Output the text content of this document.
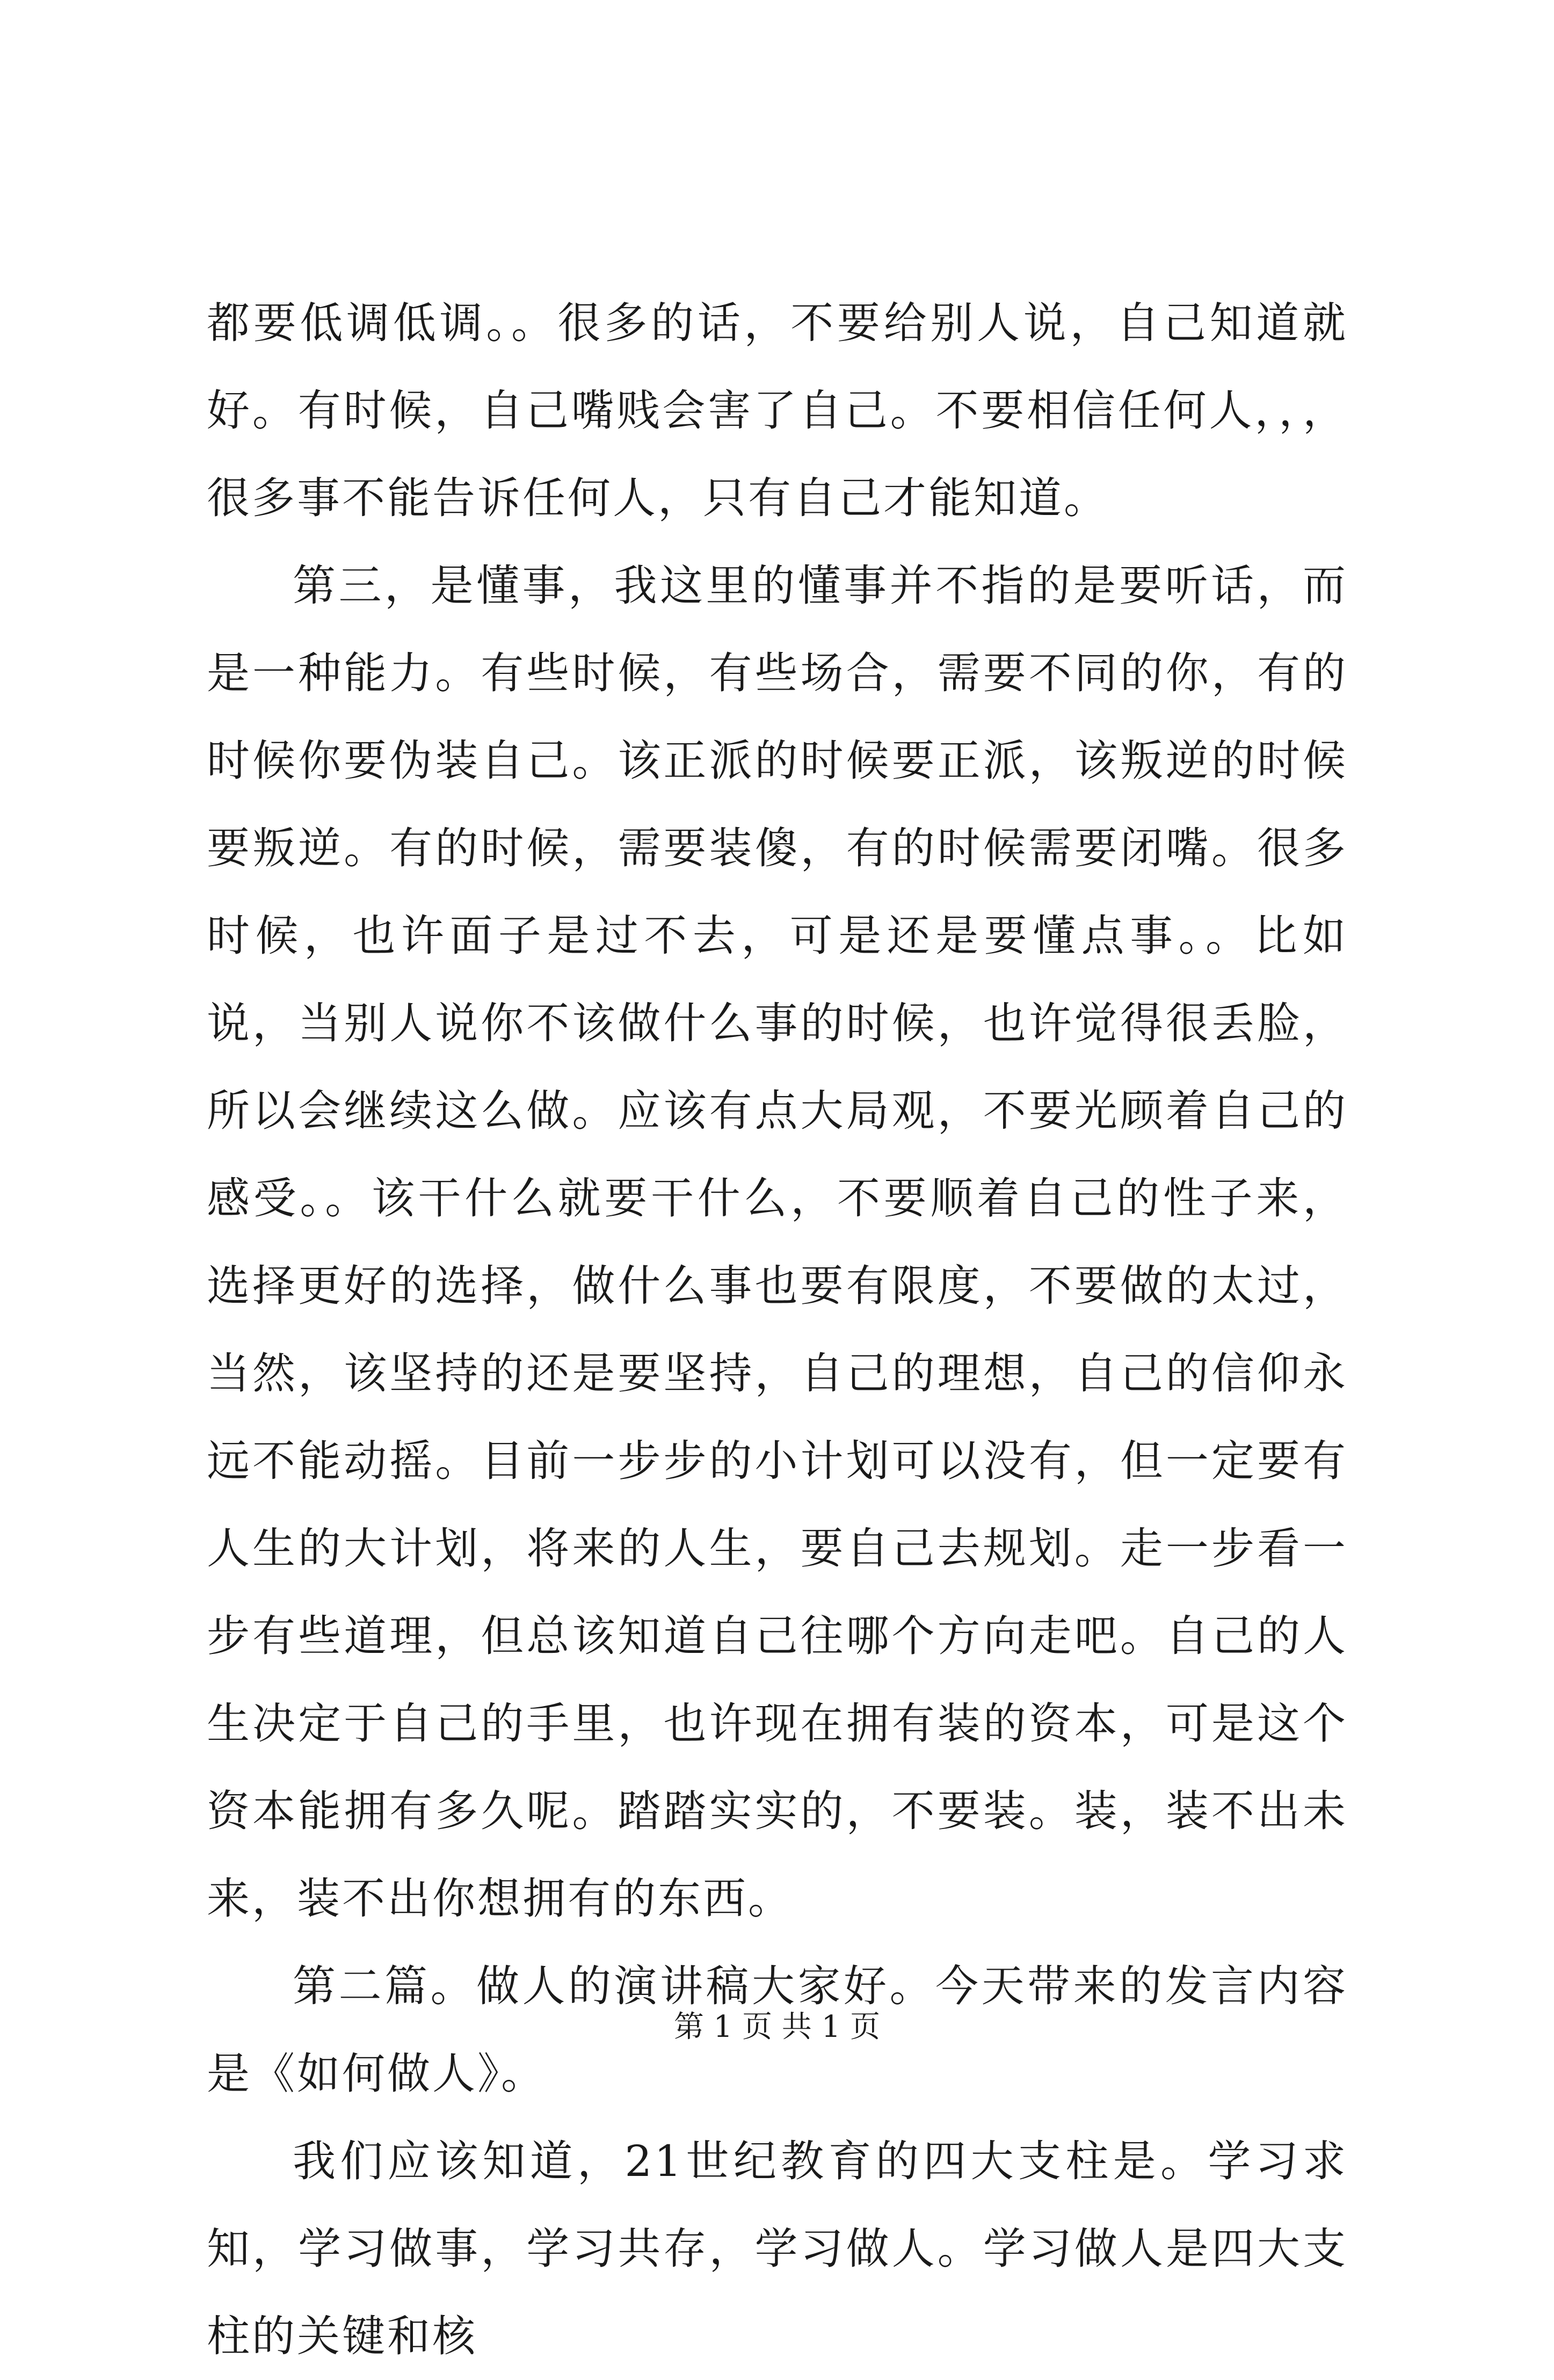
都要低调低调。。很多的话，不要给别人说，自己知道就好。有时候，自己嘴贱会害了自己。不要相信任何人，，，很多事不能告诉任何人，只有自己才能知道。

第三，是懂事，我这里的懂事并不指的是要听话，而是一种能力。有些时候，有些场合，需要不同的你，有的时候你要伪装自己。该正派的时候要正派，该叛逆的时候要叛逆。有的时候，需要装傻，有的时候需要闭嘴。很多时候，也许面子是过不去，可是还是要懂点事。。比如说，当别人说你不该做什么事的时候，也许觉得很丢脸，所以会继续这么做。应该有点大局观，不要光顾着自己的感受。。该干什么就要干什么，不要顺着自己的性子来，选择更好的选择，做什么事也要有限度，不要做的太过，当然，该坚持的还是要坚持，自己的理想，自己的信仰永远不能动摇。目前一步步的小计划可以没有，但一定要有人生的大计划，将来的人生，要自己去规划。走一步看一步有些道理，但总该知道自己往哪个方向走吧。自己的人生决定于自己的手里，也许现在拥有装的资本，可是这个资本能拥有多久呢。踏踏实实的，不要装。装，装不出未来，装不出你想拥有的东西。

第二篇。做人的演讲稿大家好。今天带来的发言内容是《如何做人》。

我们应该知道，21世纪教育的四大支柱是。学习求知，学习做事，学习共存，学习做人。学习做人是四大支柱的关键和核

第 1 页 共 1 页
